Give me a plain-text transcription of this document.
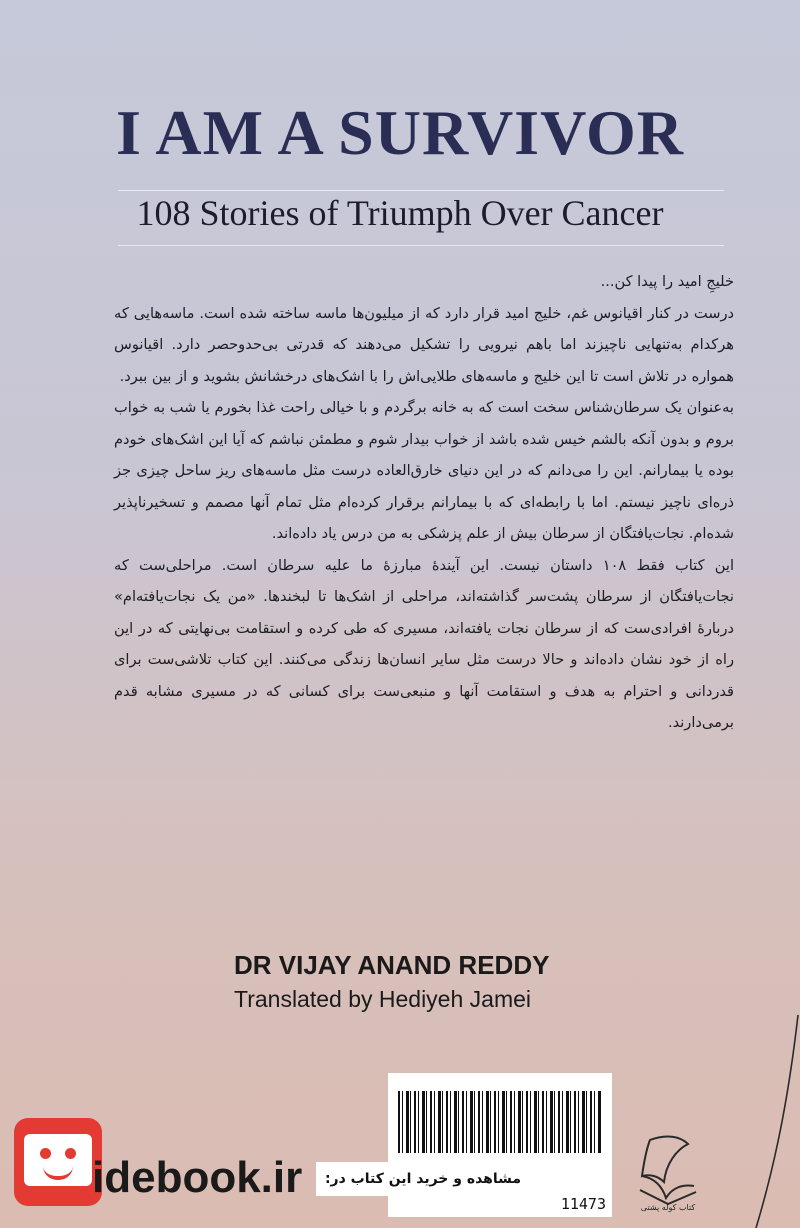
I AM A SURVIVOR
108 Stories of Triumph Over Cancer

خلیجِ امید را پیدا کن...

درست در کنار اقیانوس غم، خلیج امید قرار دارد که از میلیون‌ها ماسه ساخته شده است. ماسه‌هایی که هرکدام به‌تنهایی ناچیزند اما باهم نیرویی را تشکیل می‌دهند که قدرتی بی‌حدوحصر دارد. اقیانوس همواره در تلاش است تا این خلیج و ماسه‌های طلایی‌اش را با اشک‌های درخشانش بشوید و از بین ببرد.

به‌عنوان یک سرطان‌شناس سخت است که به خانه برگردم و با خیالی راحت غذا بخورم یا شب به خواب بروم و بدون آنکه بالشم خیس شده باشد از خواب بیدار شوم و مطمئن نباشم که آیا این اشک‌های خودم بوده یا بیمارانم. این را می‌دانم که در این دنیای خارق‌العاده درست مثل ماسه‌های ریز ساحل چیزی جز ذره‌ای ناچیز نیستم. اما با رابطه‌ای که با بیمارانم برقرار کرده‌ام مثل تمام آنها مصمم و تسخیرناپذیر شده‌ام. نجات‌یافتگان از سرطان بیش از علم پزشکی به من درس یاد داده‌اند.

این کتاب فقط ۱۰۸ داستان نیست. این آیندهٔ مبارزهٔ ما علیه سرطان است. مراحلی‌ست که نجات‌یافتگان از سرطان پشت‌سر گذاشته‌اند، مراحلی از اشک‌ها تا لبخندها. «من یک نجات‌یافته‌ام» دربارهٔ افرادی‌ست که از سرطان نجات یافته‌اند، مسیری که طی کرده و استقامت بی‌نهایتی که در این راه از خود نشان داده‌اند و حالا درست مثل سایر انسان‌ها زندگی می‌کنند. این کتاب تلاشی‌ست برای قدردانی و احترام به هدف و استقامت آنها و منبعی‌ست برای کسانی که در مسیری مشابه قدم برمی‌دارند.

DR VIJAY ANAND REDDY

Translated by Hediyeh Jamei

11473

idebook.ir	مشاهده و خرید این کتاب در:
کتاب کوله پشتی
